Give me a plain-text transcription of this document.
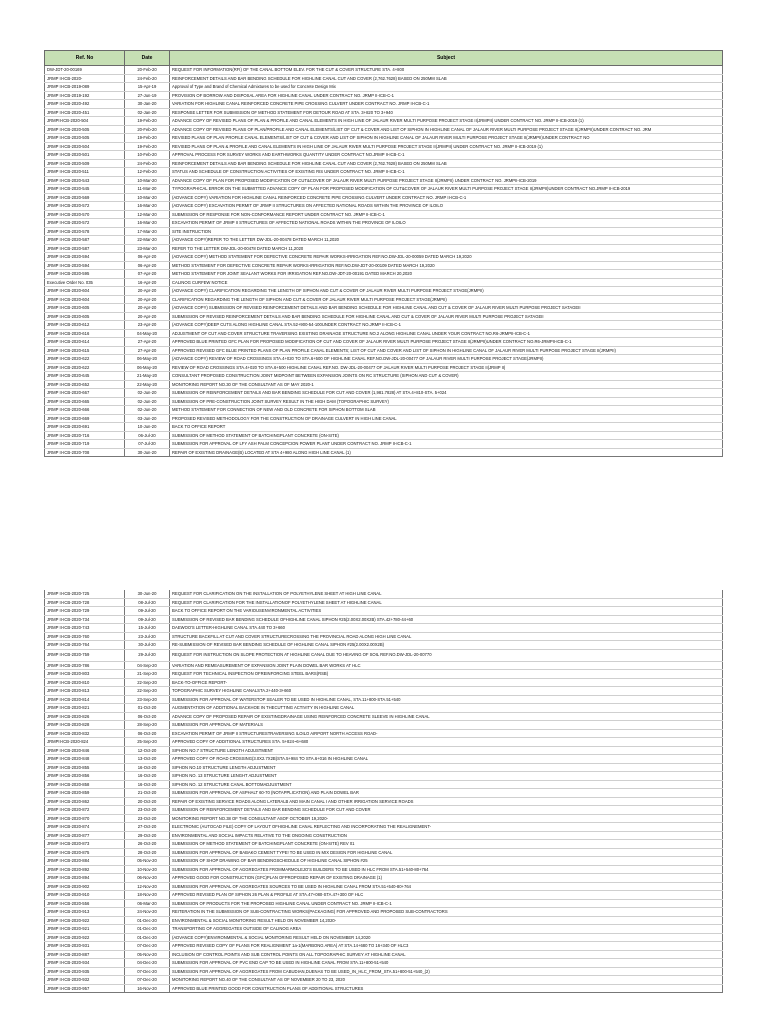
Ref. No	Date	Subject
DW-JDT-20-00169	20-Feb-20	REQUEST FOR INFORMATION(RFI) OF THE CANAL BOTTOM ELEV. FOR THE CUT & COVER STRUCTURE STA. 4+800
JRMP II-ICB-2020-	24-Feb-20	REINFORCEMENT DETAILS AND BAR BENDING SCHEDULE FOR HIGHLINE CANAL CUT AND COVER (2,762.7628) BASED ON 250MM SLAB
JRMP II-ICB-2019-089	15-Apr-19	Approval of Type and Brand of Chemical Admixtures to be used for Concrete Design Mix
JRMP II-ICB-2019-192	27-Jun-19	PROVISION OF BORROW AND DISPOSAL AREA FOR HIGHLINE CANAL UNDER CONTRACT NO. JRMP II-ICB-C-1
JRMP II-ICB-2020-492	30-Jan-20	VARIATION FOR HIGHLINE CANAL REINFORCED CONCRETE PIPE CROSSING CULVERT UNDER CONTRACT NO. JRMP II-ICB-C-1
JRMP II-ICB-2020-451	02-Jan-20	RESPONSE LETTER FOR SUBMISSION OF METHOD STATEMENT FOR DETOUR ROAD AT STA. 3+820 TO 3+940
JRMPII-ICB-2020-504	19-Feb-20	ADVANCE COPY OF REVISED PLANS OF PLAN & PROFILE AND CANAL ELEMENTS IN HIGH LINE OF JALAUR RIVER MULTI PURPOSE PROJECT STAGE II(JRMPII) UNDER CONTRACT NO. JRMP II-ICB-2019 (1)
JRMP II-ICB-2020-505	20-Feb-20	ADVANCE COPY OF REVISED PLANS OF PLAN/PROFILE AND CANAL ELEMENTS/LIST OF CUT & COVER AND LIST OF SIPHON IN HIGHLINE CANAL OF JALAUR RIVER MULTI PURPOSE PROJECT STAGE II(JRMPII)UNDER CONTRACT NO. JRM
JRMP II-ICB-2020-505	19-Feb-20	REVISED PLANS OF PLAN PROFILE CANAL ELEMENTS/LIST OF CUT & COVER AND LIST OF SIPHON IN HIGHLINE CANAL OF JALAUR RIVER MULTI PURPOSE PROJECT STAGE II(JRMPII)UNDER CONTRACT NO
JRMP II-ICB-2020-504	19-Feb-20	REVISED PLANS OF PLAN & PROFILE AND CANAL ELEMENTS IN HIGH LINE OF JALAUR RIVER MULTI PURPOSE PROJECT STAGE II(JRMPII) UNDER CONTRACT NO. JRMP II-ICB-2019 (1)
JRMP II-ICB-2020-501	10-Feb-20	APPROVAL PROCESS FOR SURVEY WORKS AND EARTHWORKS QUANTITY UNDER CONTRACT NO.JRMP II-ICB-C-1
JRMP II-ICB-2020-509	24-Feb-20	REINFORCEMENT DETAILS AND BAR BENDING SCHEDULE FOR HIGHLINE CANAL CUT AND COVER (2,762.7628) BASED ON 250MM SLAB
JRMP II-ICB-2020-511	12-Feb-20	STATUS AND SCHEDULE OF CONSTRUCTION ACTIVITIES OF EXISTING RIS UNDER CONTRACT NO. JRMP II-ICB-C-1
JRMP II-ICB-2020-543	10-Mar-20	ADVANCE COPY OF PLAN FOR PROPOSED MODIFICATION OF CUT&COVER OF JALAUR RIVER MULTI PURPOSE PROJECT STAGE II(JRMPII) UNDER CONTRACT NO. JRMPII-ICB-2019
JRMP II-ICB-2020-545	11-Mar-20	TYPOGRAPHICAL ERROR ON THE SUBMITTED ADVANCE COPY OF PLAN FOR PROPOSED MODIFICATION OF CUT&COVER OF JALAUR RIVER MULTI PURPOSE PROJECT STAGE II(JRMPII)UNDER CONTRACT NO.JRMP II-ICB-2019
JRMP II-ICB-2020-569	10-Mar-20	(ADVANCE COPY) VARIATION FOR HIGHLINE CANAL REINFORCED CONCRETE PIPE CROSSING CULVERT UNDER CONTRACT NO. JRMP II-ICB-C-1
JRMP II-ICB-2020-572	16-Mar-20	(ADVANCE COPY) EXCAVATION PERMIT OF JRMP II STRUCTURES ON AFFECTED NATIONAL ROADS WITHIN THE PROVINCE OF ILOILO
JRMP II-ICB-2020-570	12-Mar-20	SUBMISSION OF RESPONSE FOR NON-CONFORMANCE REPORT UNDER CONTRACT NO. JRMP II-ICB-C-1
JRMP II-ICB-2020-572	16-Mar-20	EXCAVATION PERMIT OF JRMP II STRUCTURES OF AFFECTED NATIONAL ROADS WITHIN THE PROVINCE OF ILOILO
JRMP II-ICB-2020-578	17-Mar-20	SITE INSTRUCTION
JRMP II-ICB-2020-587	22-Mar-20	(ADVANCE COPY)REFER TO THE LETTER DW-JDL-20-00478 DATED MARCH 11,2020
JRMP II-ICB-2020-587	23-Mar-20	REFER TO THE LETTER DW-JDL-20-00478 DATED MARCH 11,2020
JRMP II-ICB-2020-594	06-Apr-20	(ADVANCE COPY) METHOD STATEMENT FOR DEFECTIVE CONCRETE REPAIR WORKS-IRRIGATION REF.NO.DW-JDL-20-00059 DATED MARCH 19,2020
JRMP II-ICB-2020-594	06-Apr-20	METHOD STATEMENT FOR DEFECTIVE CONCRETE REPAIR WORKS-IRRIGATION REF.NO.DW-JDT-20-00109 DATED MARCH 19,2020
JRMP II-ICB-2020-595	07-Apr-20	METHOD STATEMENT FOR JOINT SEALANT WORKS FOR IRRIGATION REF.NO.DW-JDT-20-00191 DATED MARCH 20,2020
Executive Order No. 035	16-Apr-20	CALINOG CURFEW NOTICE
JRMP II-ICB-2020-604	20-Apr-20	(ADVANCE COPY) CLARIFICATION REGARDING THE LENGTH OF SIPHON AND CUT & COVER OF JALAUR RIVER MULTI PURPOSE PROJECT STAGE(JRMPII)
JRMP II-ICB-2020-604	20-Apr-20	CLARIFICATION REGARDING THE LENGTH OF SIPHON AND CUT & COVER OF JALAUR RIVER MULTI PURPOSE PROJECT STAGE(JRMPII)
JRMP II-ICB-2020-605	20-Apr-20	(ADVANCE COPY) SUBMISSION OF REVISED REINFORCEMENT DETAILS AND BAR BENDING SCHEDULE FOR HIGHLINE CANAL AND CUT & COVER OF JALAUR RIVER MULTI PURPOSE PROJECT SATAGEII
JRMP II-ICB-2020-605	20-Apr-20	SUBMISSION OF REVISED REINFORCEMENT DETAILS AND BAR BENDING SCHEDULE FOR HIGHLINE CANAL AND CUT & COVER OF JALAUR RIVER MULTI PURPOSE PROJECT SATAGEII
JRMP II-ICB-2020-612	23-Apr-20	(ADVANCE COPY)DEEP CUTS ALONG HIGHLINE CANAL STA.52+900-54-100UNDER CONTRACT NO.JRMP II-ICB-C-1
JRMP II-ICB-2020-616	04-May-20	ADJUSTMENT OF CUT AND COVER STRUCTURE TRAVERSING EXISTING DRAINAGE STRUCTURE NO.2 ALONG HIGHLINE CANAL UNDER YOUR CONTRACT NO.R6-JRMPII-ICB-C-1
JRMP II-ICB-2020-614	27-Apr-20	APPROVED BLUE PRINTED GFC PLAN FOR PROPOSED MODIFICATION OF CUT AND COVER OF JALAUR RIVER MULTI PURPOSE PROJECT STAGE II(JRMPII)UNDER CONTRACT NO.R6-JRMPII-ICB-C-1
JRMP II-ICB-2020-615	27-Apr-20	APPROVED REVISED GFC BLUE PRINTED PLANS OF PLAN PROFILE CANAL ELEMENTS; LIST OF CUT AND COVER AND LIST OF SIPHON IN HIGHLINE CANAL OF JALAUR RIVER MULTI PURPOSE PROJECT STAGE II(JRMPII)
JRMP II-ICB-2020-622	06-May-20	(ADVANCE COPY) REVIEW OF ROAD CROSSINGS STA.4+020 TO STA.6+500 OF HIGHLINE CANAL REF.NO.DW-JDL-20-00477 OF JALAUR RIVER MULTI PURPOSE PROJECT STAGE(JRMPII)
JRMP II-ICB-2020-622	06-May-20	REVIEW OF ROAD CROSSINGS STA.4+020 TO STA.6+500 HIGHLINE CANAL REF.NO. DW-JDL-20-00477 OF JALAUR RIVER MULTI PURPOSE PROJECT STAGE II(JRMP II)
JRMP II-ICB-2020-645	21-May-20	CONSULTANT PROPOSED CONSTRUCTION JOINT MIDPOINT BETWEEN EXPANSION JOINTS ON RC STRUCTURE (SIPHON AND CUT & COVER)
JRMP II-ICB-2020-652	22-May-20	MONITORING REPORT NO.30 OF THE CONSULTANT AS OF MAY 2020-1
JRMP II-ICB-2020-667	02-Jun-20	SUBMISSION OF REINFORCEMENT DETAILS AND BAR BENDING SCHEDULE FOR CUT AND COVER (1,981.7828) AT STA.4+810-STA. 5+024
JRMP II-ICB-2020-665	02-Jun-20	SUBMISSION OF PRE-CONSTRUCTION JOINT SURVEY RESULT IN THE HIGH DAM (TOPOGRAPHIC SURVEY)
JRMP II-ICB-2020-666	02-Jun-20	METHOD STATEMENT FOR CONNECTION OF NEW AND OLD CONCRETE FOR SIPHON BOTTOM SLAB
JRMP II-ICB-2020-669	03-Jun-20	PROPOSED REVISED METHODOLOGY FOR THE CONSTRUCTION OF DRAINAGE CULVERT IN HIGH LINE CANAL
JRMP II-ICB-2020-691	10-Jun-20	BACK TO OFFICE REPORT
JRMP II-ICB-2020-716	06-Jul-20	SUBMISSION OF METHOD STATEMENT OF BATCHINGPLANT CONCRETE (ON-SITE)
JRMP II-ICB-2020-719	07-Jul-20	SUBMISSION FOR APPROVAL OF LFY ASH PALM CONCEPCION POWER PLANT UNDER CONTRACT NO. JRMP II-ICB-C-1
JRMP II-ICB-2020-708	30-Jun-20	REPAIR OF EXISTING DRAINAGE(B) LOCATED AT STA 4+980 ALONG HIGH LINE CANAL (1)
JRMP II-ICB-2020-725	30-Jun-20	REQUEST FOR CLARIFICATION ON THE INSTALLATION OF POLYETHYLENE SHEET AT HIGH LINE CANAL
JRMP II-ICB-2020-728	08-Jul-20	REQUEST FOR CLARIFICATION FOR THE INSTALLATIONOF POLYETHYLENE SHEET AT HIGHLINE CANAL
JRMP II-ICB-2020-729	09-Jul-20	BACK TO OFFICE REPORT ON THE VARIOUSENVIRONMENTAL ACTIVITIES
JRMP II-ICB-2020-734	09-Jul-20	SUBMISSION OF REVISED BAR BENDING SCHEDULE OFHIGHLINE CANAL SIPHON #25(2.00X2.00X2B) STA.42+780-44+60
JRMP II-ICB-2020-743	15-Jul-20	DAEWOO'S LETTER-HIGHLINE CANAL STA.440 TO 3+660
JRMP II-ICB-2020-760	23-Jul-20	STRUCTURE BACKFILL AT CUT AND COVER STRUCTURECROSSING THE PROVINCIAL ROAD ALONG HIGH LINE CANAL
JRMP II-ICB-2020-764	30-Jul-20	RE-SUBMISSION OF REVISED BAR BENDING SCHEDULE OF HIGHLINE CANAL SIPHON #25(2.00X2.00X2B)
JRMP II-ICB-2020-759	29-Jul-20	REQUEST FOR INSTRUCTION ON SLOPE PROTECTION AT HIGHLINE CANAL DUE TO HEAVING OF SOIL REF.NO.DW-JDL-20-00770
JRMP II-ICB-2020-786	04-Sep-20	VARIATION AND REMEASUREMENT OF EXPANSION JOINT PLAIN DOWEL BAR WORKS AT HLC
JRMP II-ICB-2020-803	21-Sep-20	REQUEST FOR TECHNICAL INSPECTION OFREINFORCING STEEL BARS(RSB)
JRMP II-ICB-2020-810	22-Sep-20	BACK-TO-OFFICE REPORT-
JRMP II-ICB-2020-813	22-Sep-20	TOPOGRAPHIC SURVEY HIGHLINE CANALSTA.2+440-3+660
JRMP II-ICB-2020-814	23-Sep-20	SUBMISSION FOR APPROVAL OF WATERSTOP SEALER TO BE USED IN HIGHLINE CANAL, STA.11+800-STA.51+540
JRMP II-ICB-2020-821	01-Oct-20	AUGMENTATION OF ADDITIONAL BACKHOE IN THECUTTING ACTIVITY IN HIGHLINE CANAL
JRMP II-ICB-2020-826	06-Oct-20	ADVANCE COPY OF PROPOSED REPAIR OF EXISTINGDRAINAGE USING REINFORCED CONCRETE SLEEVE IN HIGHLINE CANAL
JRMP II-ICB-2020-828	28-Sep-20	SUBMISSION FOR APPROVAL OF MATERIALS
JRMP II-ICB-2020-832	06-Oct-20	EXCAVATION PERMIT OF JRMP II STRUCTURESTRAVERSING ILOILO AIRPORT NORTH ACCESS ROAD-
JRMPII-ICB-2020-824	25-Sep-20	APPROVED COPY OF ADDITIONAL STRUCTURES STA. 5+824~6+680
JRMP II-ICB-2020-846	12-Oct-20	SIPHON NO.7 STRUCTURE LENGTH ADJUSTMENT
JRMP II-ICB-2020-848	13-Oct-20	APPROVED COPY OF ROAD CROSSING(3.0X2.7X2B)STA.5+984 TO STA.6+016 IN HIGHLINE CANAL
JRMP II-ICB-2020-855	16-Oct-20	SIPHON NO.10 STRUCTURE LENGTH ADJUSTMENT
JRMP II-ICB-2020-856	16-Oct-20	SIPHON NO. 13 STRUCTURE LENGHT ADJUSTMENT
JRMP II-ICB-2020-858	16-Oct-20	SIPHON NO. 12 STRUCTURE CANAL BOTTOMADJUSTMENT
JRMP II-ICB-2020-859	21-Oct-20	SUBMISSION FOR APPROVAL OF ASPHALT 60-70 (NOTAPPLICATION) AND PLAIN DOWEL BAR
JRMP II-ICB-2020-862	20-Oct-20	REPAIR OF EXISTING SERVICE ROADS ALONG LATERALB AND MAIN CANAL I AND OTHER IRRIGATION SERVICE ROADS
JRMP II-ICB-2020-872	23-Oct-20	SUBMISSION OF REINFORCEMENT DETAILS AND BAR BENDING SCHEDULE FOR CUT AND COVER
JRMP II-ICB-2020-870	23-Oct-20	MONITORING REPORT NO.38 OF THE CONSULTANT ASOF OCTOBER 19,2020-
JRMP II-ICB-2020-874	27-Oct-20	ELECTRONIC (AUTOCAD FILE) COPY OF LAYOUT OFHIGHLINE CANAL REFLECTING AND INCORPORATING THE REALIGNEMENT-
JRMP II-ICB-2020-877	29-Oct-20	ENVIRONMENTAL AND SOCIAL IMPACTS RELATIVE TO THE ONGOING CONSTRUCTION
JRMP II-ICB-2020-873	26-Oct-20	SUBMISSION OF METHOD STATEMENT OF BATCHINGPLANT CONCRETE (ON-SITE) REV 01
JRMP II-ICB-2020-875	28-Oct-20	SUBMISSION FOR APPROVAL OF BABAKO CEMENT TYPE! TO BE USED IN MIX DESIGN FOR HIGHLINE CANAL
JRMP II-ICB-2020-884	05-Nov-20	SUBMISSION OF SHOP DRAWING OF BAR BENDINGSCHEDULE OF HIGHLINE CANAL SIPHON #25
JRMP II-ICB-2020-892	10-Nov-20	SUBMISSION FOR APPROVAL OF AGGREGATES FROMMARMOLEJO'S BUILDERS TO BE USED IN HLC FROM STA.51+540-80+764
JRMP II-ICB-2020-894	06-Nov-20	APPROVED GOOD FOR CONSTRUCTION (GFC)PLAN OFPROPOSED REPAIR OF EXISTING DRAINAGE (1)
JRMP II-ICB-2020-902	12-Nov-20	SUBMISSION FOR APPROVAL OF AGGREGATES SOURCES TO BE USED IN HIGHLINE CANAL FROM STA.51+540-80+764
JRMP II-ICB-2020-910	18-Nov-20	APPROVED REVISED PLAN OF SIPHON 26 PLAN & PROFILE AT STA.47+080-STA.47+300 OF HLC
JRMP II-ICB-2020-556	06-Mar-20	SUBMISSION OF PRODUCTS FOR THE PROPOSED HIGHLINE CANAL UNDER CONTRACT NO. JRMP II-ICB-C-1
JRMP II-ICB-2020-913	24-Nov-20	REITERATION IN THE SUBMISSION OF SUB-CONTRACTING WORKS(PACKAGING) FOR APPROVED AND PROPOSED SUB-CONTRACTORS
JRMP II-ICB-2020-922	01-Dec-20	ENVIRONMENTAL & SOCIAL MONITORING RESULT HELD ON NOVEMBER 14,2020-
JRMP II-ICB-2020-921	01-Dec-20	TRANSPORTING OF AGGREGATES OUTSIDE OF CALINOG AREA
JRMP II-ICB-2020-922	01-Dec-20	(ADVANCE COPY)ENVIRONMENTAL & SOCIAL MONITORING RESULT HELD ON NOVEMBER 14,2020
JRMP II-ICB-2020-931	07-Dec-20	APPROVED REVISED COPY OF PLANS FOR REALIGNMENT 1a-1(MARBONG AREA) AT STA.14+680 TO 16+340 OF HLC3
JRMP II-ICB-2020-887	05-Nov-20	INCLUSION OF CONTROL POINTS AND SUB CONTROL POINTS ON ALL TOPOGRAPHIC SURVEY AT HIGHLINE CANAL
JRMP II-ICB-2020-934	04-Dec-20	SUBMISSION FOR APPROVAL OF PVC END CAP TO BE USED IN HIGHLINE CANAL FROM STA.11+800-51+540
JRMP II-ICB-2020-935	07-Dec-20	SUBMISSION FOR APPROVAL OF AGGREGATES FROM CABUDIAN,DUENAS TO BE USED_IN_HLC_FROM_STA.51+800-51+540_(2)
JRMP II-ICB-2020-932	07-Dec-20	MONITORING REPORT NO.40 OF THE CONSULTANT AS OF NOVEMBER 20 TO 23, 2020
JRMP II-ICB-2020-957	16-Nov-20	APPROVED BLUE PRINTED GOOD FOR CONSTRUCTION PLANS OF ADDITIONAL STRUCTURES
